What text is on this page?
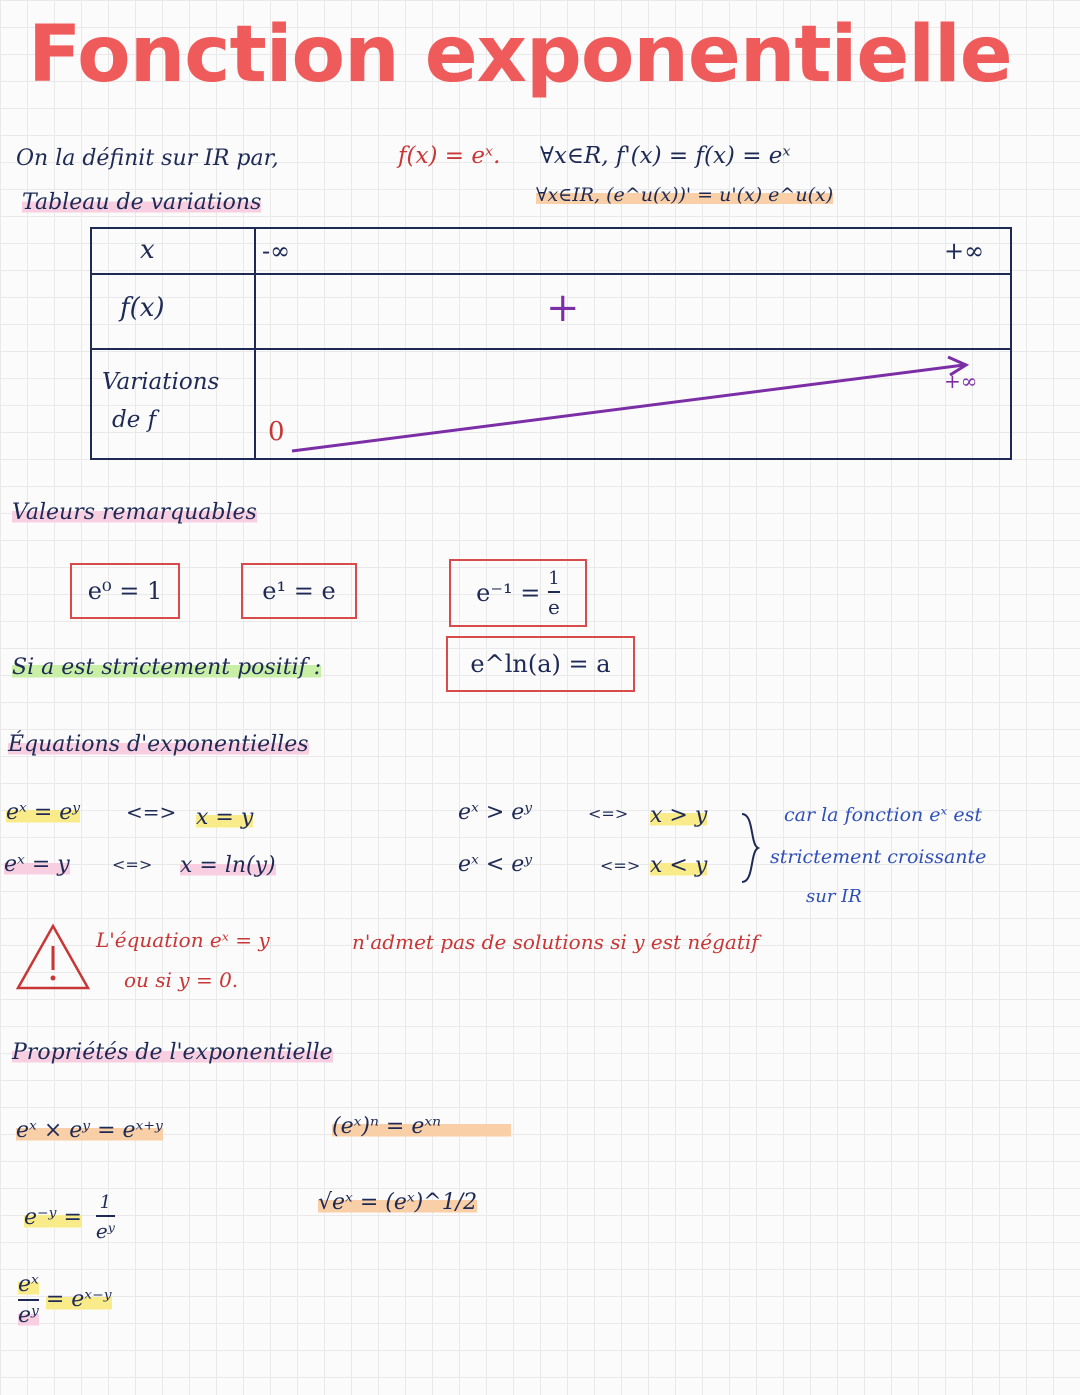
Fonction exponentielle
On la définit sur IR par,	f(x) = eˣ. ∀x∈R, f'(x) = f(x) = eˣ
∀x∈IR, (e^u(x))' = u'(x) e^u(x)
Tableau de variations
x	-∞	+∞
f(x)	+
Variations
de f	0
+∞
Valeurs remarquables
e⁰ = 1	e¹ = e	e⁻¹ =
$\frac{1}{e}$
Si a est strictement positif :	e^ln(a) = a
Équations d'exponentielles
eˣ = eʸ <=> x = y
eˣ = y	<=> x = ln(y)
eˣ > eʸ	<=> x > y
eˣ < eʸ	<=> x < y
car la fonction eˣ est
strictement croissante
sur IR
L'équation eˣ = y	n'admet pas de solutions si y est négatif
ou si y = 0.
Propriétés de l'exponentielle
eˣ × eʸ = eˣ⁺ʸ	(eˣ)ⁿ = eˣⁿ
e⁻ʸ = $\frac{1}{\text{eʸ}}$	√eˣ = (eˣ)^1/2
$\frac{\text{eˣ}}{\text{eʸ}}$ = eˣ⁻ʸ
